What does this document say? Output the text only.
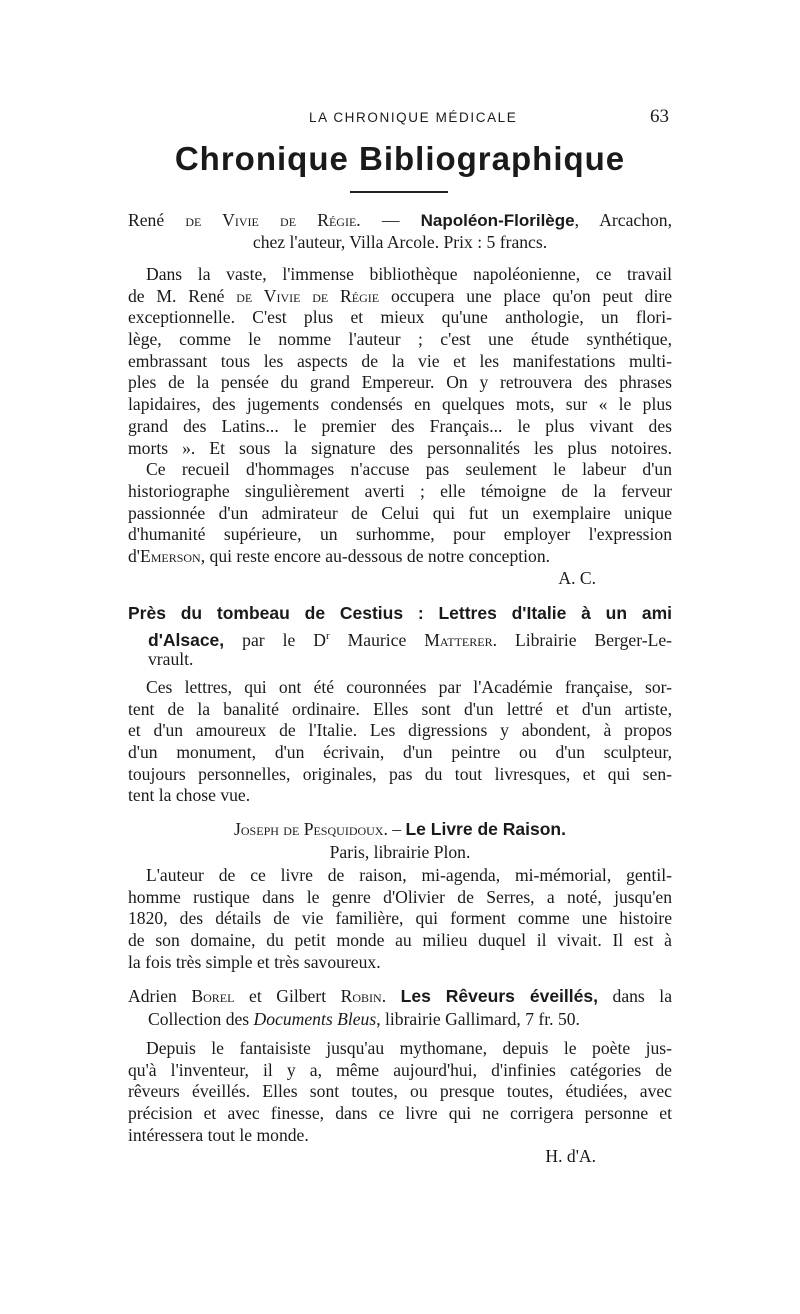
LA CHRONIQUE MÉDICALE	63
Chronique Bibliographique
René de Vivie de Régie. — Napoléon-Florilège, Arcachon,
chez l'auteur, Villa Arcole. Prix : 5 francs.
Dans la vaste, l'immense bibliothèque napoléonienne, ce travail
de M. René de Vivie de Régie occupera une place qu'on peut dire
exceptionnelle. C'est plus et mieux qu'une anthologie, un flori-
lège, comme le nomme l'auteur ; c'est une étude synthétique,
embrassant tous les aspects de la vie et les manifestations multi-
ples de la pensée du grand Empereur. On y retrouvera des phrases
lapidaires, des jugements condensés en quelques mots, sur « le plus
grand des Latins... le premier des Français... le plus vivant des
morts ». Et sous la signature des personnalités les plus notoires.
Ce recueil d'hommages n'accuse pas seulement le labeur d'un
historiographe singulièrement averti ; elle témoigne de la ferveur
passionnée d'un admirateur de Celui qui fut un exemplaire unique
d'humanité supérieure, un surhomme, pour employer l'expression
d'Emerson, qui reste encore au-dessous de notre conception.
A. C.
Près du tombeau de Cestius : Lettres d'Italie à un ami
d'Alsace, par le $D^r$ Maurice Matterer. Librairie Berger-Le-
vrault.
Ces lettres, qui ont été couronnées par l'Académie française, sor-
tent de la banalité ordinaire. Elles sont d'un lettré et d'un artiste,
et d'un amoureux de l'Italie. Les digressions y abondent, à propos
d'un monument, d'un écrivain, d'un peintre ou d'un sculpteur,
toujours personnelles, originales, pas du tout livresques, et qui sen-
tent la chose vue.
Joseph de Pesquidoux. – Le Livre de Raison.
Paris, librairie Plon.
L'auteur de ce livre de raison, mi-agenda, mi-mémorial, gentil-
homme rustique dans le genre d'Olivier de Serres, a noté, jusqu'en
1820, des détails de vie familière, qui forment comme une histoire
de son domaine, du petit monde au milieu duquel il vivait. Il est à
la fois très simple et très savoureux.
Adrien Borel et Gilbert Robin. Les Rêveurs éveillés, dans la
Collection des Documents Bleus, librairie Gallimard, 7 fr. 50.
Depuis le fantaisiste jusqu'au mythomane, depuis le poète jus-
qu'à l'inventeur, il y a, même aujourd'hui, d'infinies catégories de
rêveurs éveillés. Elles sont toutes, ou presque toutes, étudiées, avec
précision et avec finesse, dans ce livre qui ne corrigera personne et
intéressera tout le monde.
H. d'A.
